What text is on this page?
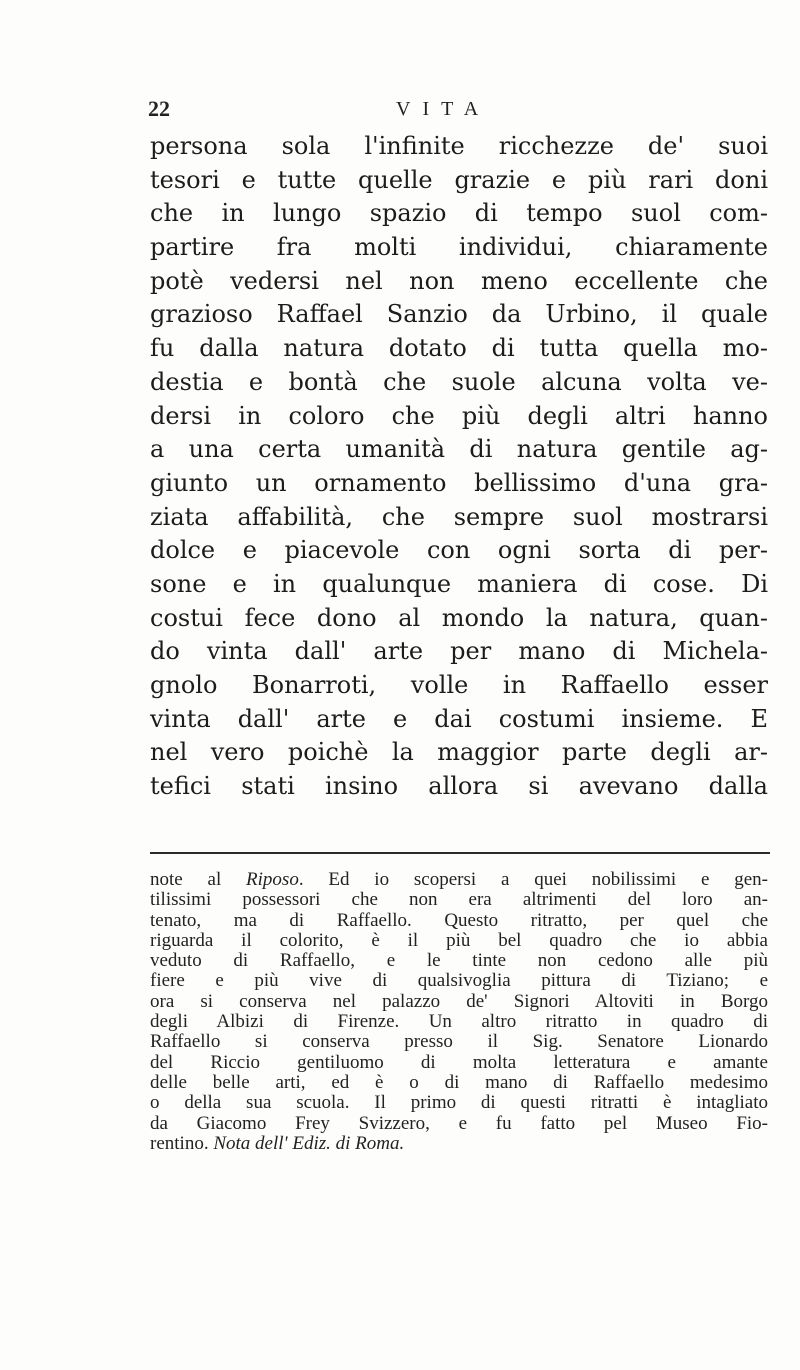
22	VITA
persona sola l'infinite ricchezze de' suoi
tesori e tutte quelle grazie e più rari doni
che in lungo spazio di tempo suol com-
partire fra molti individui, chiaramente
potè vedersi nel non meno eccellente che
grazioso Raffael Sanzio da Urbino, il quale
fu dalla natura dotato di tutta quella mo-
destia e bontà che suole alcuna volta ve-
dersi in coloro che più degli altri hanno
a una certa umanità di natura gentile ag-
giunto un ornamento bellissimo d'una gra-
ziata affabilità, che sempre suol mostrarsi
dolce e piacevole con ogni sorta di per-
sone e in qualunque maniera di cose. Di
costui fece dono al mondo la natura, quan-
do vinta dall' arte per mano di Michela-
gnolo Bonarroti, volle in Raffaello esser
vinta dall' arte e dai costumi insieme. E
nel vero poichè la maggior parte degli ar-
tefici stati insino allora si avevano dalla
note al Riposo. Ed io scopersi a quei nobilissimi e gen-
tilissimi possessori che non era altrimenti del loro an-
tenato, ma di Raffaello. Questo ritratto, per quel che
riguarda il colorito, è il più bel quadro che io abbia
veduto di Raffaello, e le tinte non cedono alle più
fiere e più vive di qualsivoglia pittura di Tiziano; e
ora si conserva nel palazzo de' Signori Altoviti in Borgo
degli Albizi di Firenze. Un altro ritratto in quadro di
Raffaello si conserva presso il Sig. Senatore Lionardo
del Riccio gentiluomo di molta letteratura e amante
delle belle arti, ed è o di mano di Raffaello medesimo
o della sua scuola. Il primo di questi ritratti è intagliato
da Giacomo Frey Svizzero, e fu fatto pel Museo Fio-
rentino. Nota dell' Ediz. di Roma.
